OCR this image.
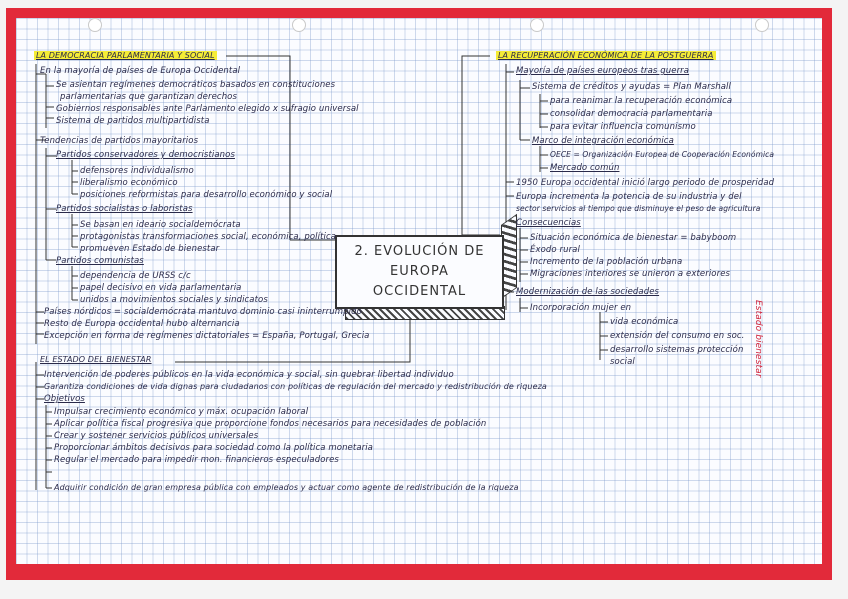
2. EVOLUCIÓN DE EUROPA
OCCIDENTAL
LA DEMOCRACIA PARLAMENTARIA Y SOCIAL
En la mayoría de países de Europa Occidental
Se asientan regímenes democráticos basados en constituciones
parlamentarias que garantizan derechos
Gobiernos responsables ante Parlamento elegido x sufragio universal
Sistema de partidos multipartidista
Tendencias de partidos mayoritarios
Partidos conservadores y democristianos
defensores individualismo
liberalismo económico
posiciones reformistas para desarrollo económico y social
Partidos socialistas o laboristas
Se basan en ideario socialdemócrata
protagonistas transformaciones social, económica, política
promueven Estado de bienestar
Partidos comunistas
dependencia de URSS c/c
papel decisivo en vida parlamentaria
unidos a movimientos sociales y sindicatos
Países nórdicos = socialdemócrata mantuvo dominio casi ininterrumpido
Resto de Europa occidental hubo alternancia
Excepción en forma de regímenes dictatoriales = España, Portugal, Grecia
EL ESTADO DEL BIENESTAR
Intervención de poderes públicos en la vida económica y social, sin quebrar libertad individuo
Garantiza condiciones de vida dignas para ciudadanos con políticas de regulación del mercado y redistribución de riqueza
Objetivos
Impulsar crecimiento económico y máx. ocupación laboral
Aplicar política fiscal progresiva que proporcione fondos necesarios para necesidades de población
Crear y sostener servicios públicos universales
Proporcionar ámbitos decisivos para sociedad como la política monetaria
Regular el mercado para impedir mon. financieros especuladores
Adquirir condición de gran empresa pública con empleados y actuar como agente de redistribución de la riqueza
LA RECUPERACIÓN ECONÓMICA DE LA POSTGUERRA
Mayoría de países europeos tras guerra
Sistema de créditos y ayudas = Plan Marshall
para reanimar la recuperación económica
consolidar democracia parlamentaria
para evitar influencia comunismo
Marco de integración económica
OECE = Organización Europea de Cooperación Económica
Mercado común
1950 Europa occidental inició largo periodo de prosperidad
Europa incrementa la potencia de su industria y del
sector servicios al tiempo que disminuye el peso de agricultura
Consecuencias
Situación económica de bienestar = babyboom
Éxodo rural
Incremento de la población urbana
Migraciones interiores se unieron a exteriores
Modernización de las sociedades
Incorporación mujer en
vida económica
extensión del consumo en soc.
desarrollo sistemas protección
social	Estado bienestar
